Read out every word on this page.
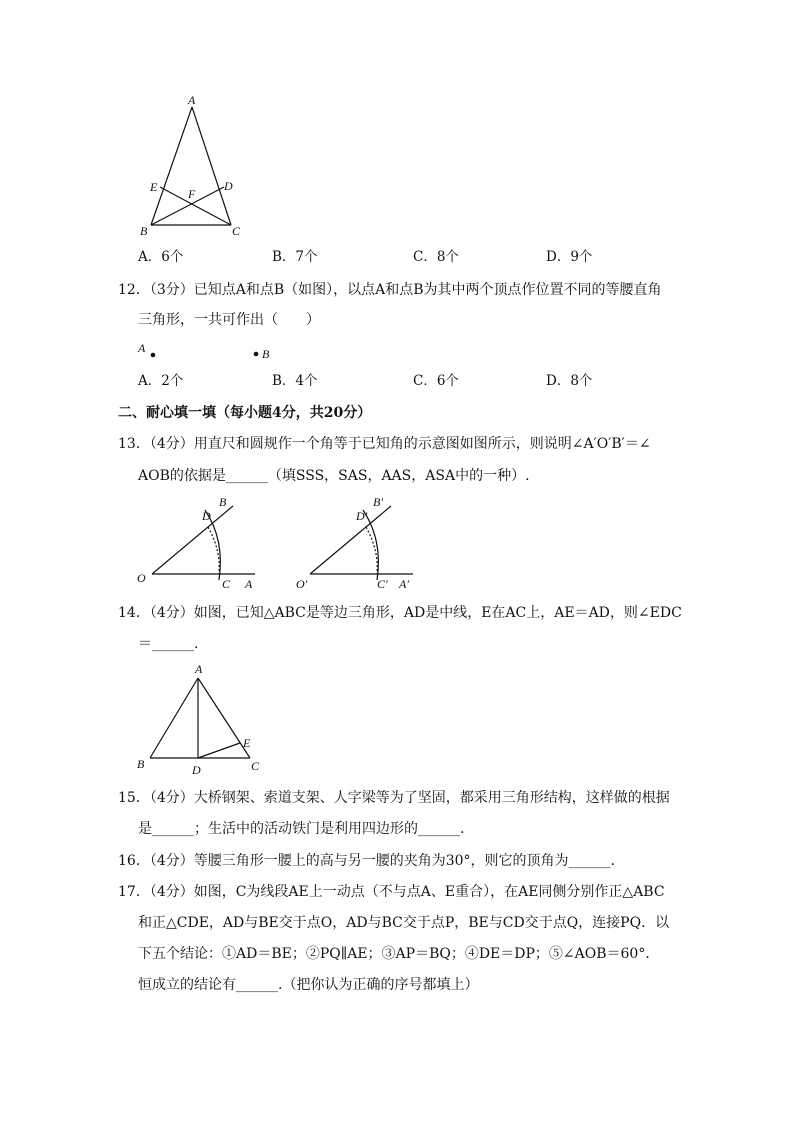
A
E	D
F
B	C
A．6个	B．7个	C．8个	D．9个
12．（3分）已知点A和点B（如图），以点A和点B为其中两个顶点作位置不同的等腰直角
三角形，一共可作出（　　）
A	B
A．2个	B．4个	C．6个	D．8个
二、耐心填一填（每小题4分，共20分）
13．（4分）用直尺和圆规作一个角等于已知角的示意图如图所示，则说明∠A′O′B′＝∠
AOB的依据是______（填SSS，SAS，AAS，ASA中的一种）.
O	C A
B
D
O′	C′ A′
B′
D′
14．（4分）如图，已知△ABC是等边三角形，AD是中线，E在AC上，AE＝AD，则∠EDC
＝______.
A
B	D
E
C
15．（4分）大桥钢架、索道支架、人字梁等为了坚固，都采用三角形结构，这样做的根据
是______；生活中的活动铁门是利用四边形的______.
16．（4分）等腰三角形一腰上的高与另一腰的夹角为30°，则它的顶角为______.
17．（4分）如图，C为线段AE上一动点（不与点A、E重合），在AE同侧分别作正△ABC
和正△CDE，AD与BE交于点O，AD与BC交于点P，BE与CD交于点Q，连接PQ．以
下五个结论：①AD＝BE；②PQ∥AE；③AP＝BQ；④DE＝DP；⑤∠AOB＝60°．
恒成立的结论有______.（把你认为正确的序号都填上）
